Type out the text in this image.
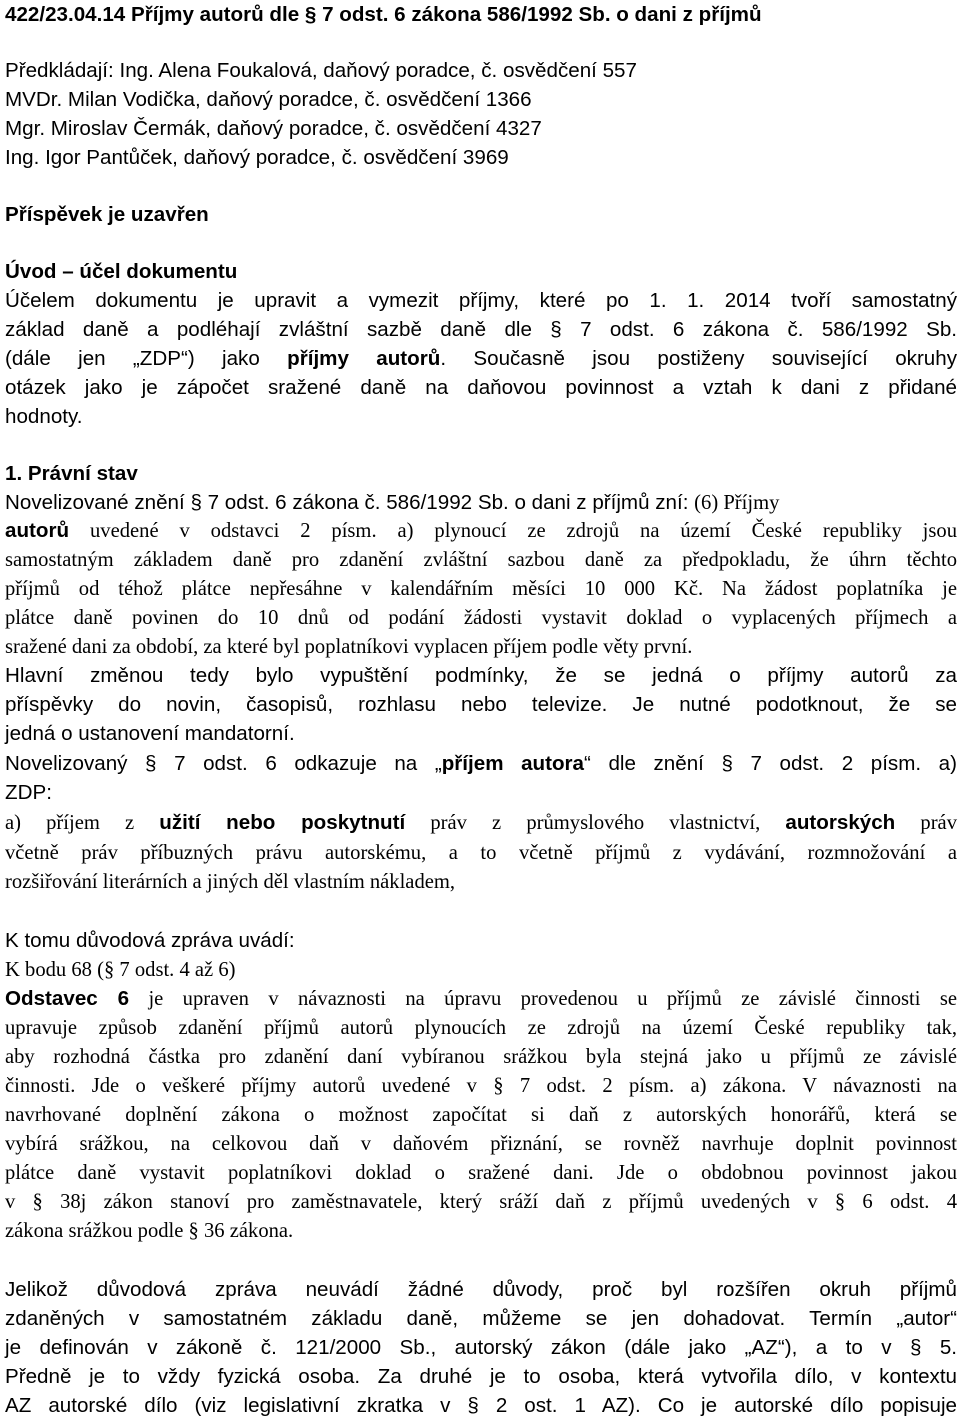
422/23.04.14 Příjmy autorů dle § 7 odst. 6 zákona 586/1992 Sb. o dani z příjmů
Předkládají: Ing. Alena Foukalová, daňový poradce, č. osvědčení 557
MVDr. Milan Vodička, daňový poradce, č. osvědčení 1366
Mgr. Miroslav Čermák, daňový poradce, č. osvědčení 4327
Ing. Igor Pantůček, daňový poradce, č. osvědčení 3969
Příspěvek je uzavřen
Úvod – účel dokumentu
Účelem dokumentu je upravit a vymezit příjmy, které po 1. 1. 2014 tvoří samostatný
základ daně a podléhají zvláštní sazbě daně dle § 7 odst. 6 zákona č. 586/1992 Sb.
(dále jen „ZDP“) jako příjmy autorů. Současně jsou postiženy související okruhy
otázek jako je zápočet sražené daně na daňovou povinnost a vztah k dani z přidané
hodnoty.
1. Právní stav
Novelizované znění § 7 odst. 6 zákona č. 586/1992 Sb. o dani z příjmů zní: (6) Příjmy
autorů uvedené v odstavci 2 písm. a) plynoucí ze zdrojů na území České republiky jsou
samostatným základem daně pro zdanění zvláštní sazbou daně za předpokladu, že úhrn těchto
příjmů od téhož plátce nepřesáhne v kalendářním měsíci 10 000 Kč. Na žádost poplatníka je
plátce daně povinen do 10 dnů od podání žádosti vystavit doklad o vyplacených příjmech a
sražené dani za období, za které byl poplatníkovi vyplacen příjem podle věty první.
Hlavní změnou tedy bylo vypuštění podmínky, že se jedná o příjmy autorů za
příspěvky do novin, časopisů, rozhlasu nebo televize. Je nutné podotknout, že se
jedná o ustanovení mandatorní.
Novelizovaný § 7 odst. 6 odkazuje na „příjem autora“ dle znění § 7 odst. 2 písm. a)
ZDP:
a) příjem z užití nebo poskytnutí práv z průmyslového vlastnictví, autorských práv
včetně práv příbuzných právu autorskému, a to včetně příjmů z vydávání, rozmnožování a
rozšiřování literárních a jiných děl vlastním nákladem,
K tomu důvodová zpráva uvádí:
K bodu 68 (§ 7 odst. 4 až 6)
Odstavec 6 je upraven v návaznosti na úpravu provedenou u příjmů ze závislé činnosti se
upravuje způsob zdanění příjmů autorů plynoucích ze zdrojů na území České republiky tak,
aby rozhodná částka pro zdanění daní vybíranou srážkou byla stejná jako u příjmů ze závislé
činnosti. Jde o veškeré příjmy autorů uvedené v § 7 odst. 2 písm. a) zákona. V návaznosti na
navrhované doplnění zákona o možnost započítat si daň z autorských honorářů, která se
vybírá srážkou, na celkovou daň v daňovém přiznání, se rovněž navrhuje doplnit povinnost
plátce daně vystavit poplatníkovi doklad o sražené dani. Jde o obdobnou povinnost jakou
v § 38j zákon stanoví pro zaměstnavatele, který sráží daň z příjmů uvedených v § 6 odst. 4
zákona srážkou podle § 36 zákona.
Jelikož důvodová zpráva neuvádí žádné důvody, proč byl rozšířen okruh příjmů
zdaněných v samostatném základu daně, můžeme se jen dohadovat. Termín „autor“
je definován v zákoně č. 121/2000 Sb., autorský zákon (dále jako „AZ“), a to v § 5.
Předně je to vždy fyzická osoba. Za druhé je to osoba, která vytvořila dílo, v kontextu
AZ autorské dílo (viz legislativní zkratka v § 2 ost. 1 AZ). Co je autorské dílo popisuje
